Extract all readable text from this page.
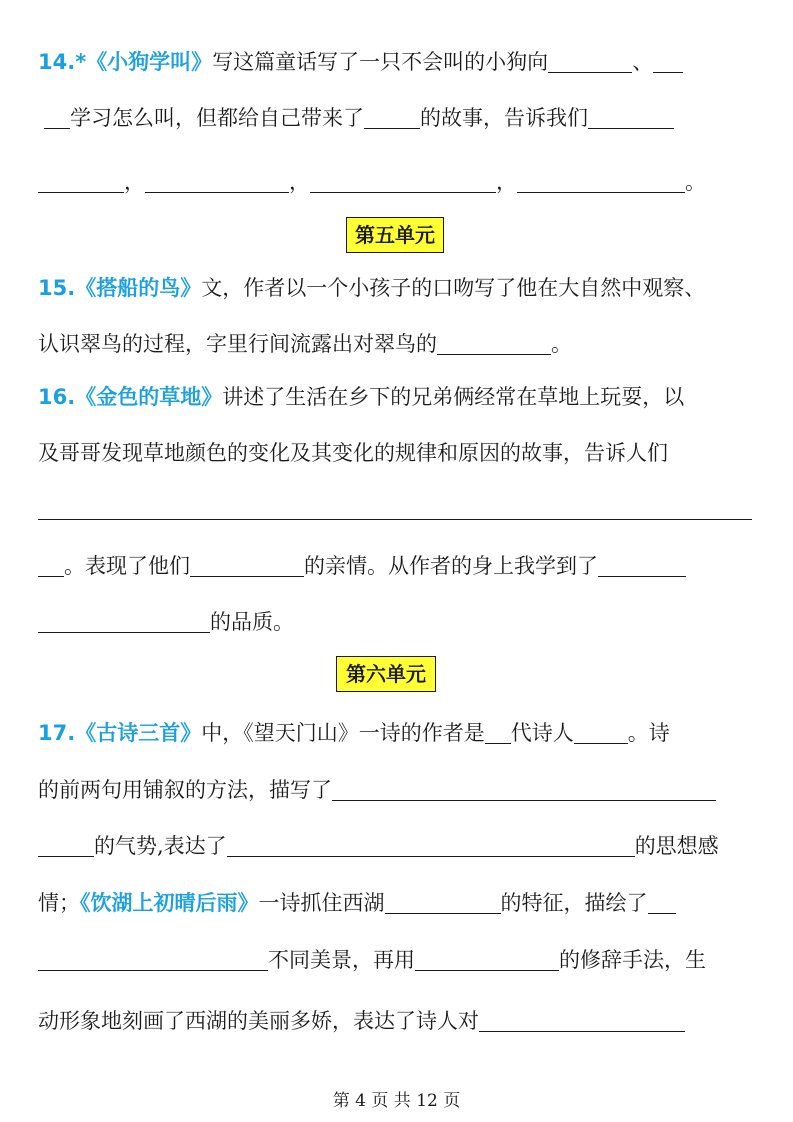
14.*《小狗学叫》写这篇童话写了一只不会叫的小狗向	、
学习怎么叫，但都给自己带来了	的故事，告诉我们
，	，	，	。
第五单元
15.《搭船的鸟》文，作者以一个小孩子的口吻写了他在大自然中观察、
认识翠鸟的过程，字里行间流露出对翠鸟的	。
16.《金色的草地》讲述了生活在乡下的兄弟俩经常在草地上玩耍，以
及哥哥发现草地颜色的变化及其变化的规律和原因的故事，告诉人们
。表现了他们	的亲情。从作者的身上我学到了
的品质。
第六单元
17.《古诗三首》中，《望天门山》一诗的作者是 代诗人	。诗
的前两句用铺叙的方法，描写了
的气势,表达了	的思想感
情；《饮湖上初晴后雨》一诗抓住西湖	的特征，描绘了
不同美景，再用	的修辞手法，生
动形象地刻画了西湖的美丽多娇，表达了诗人对
第 4 页 共 12 页
